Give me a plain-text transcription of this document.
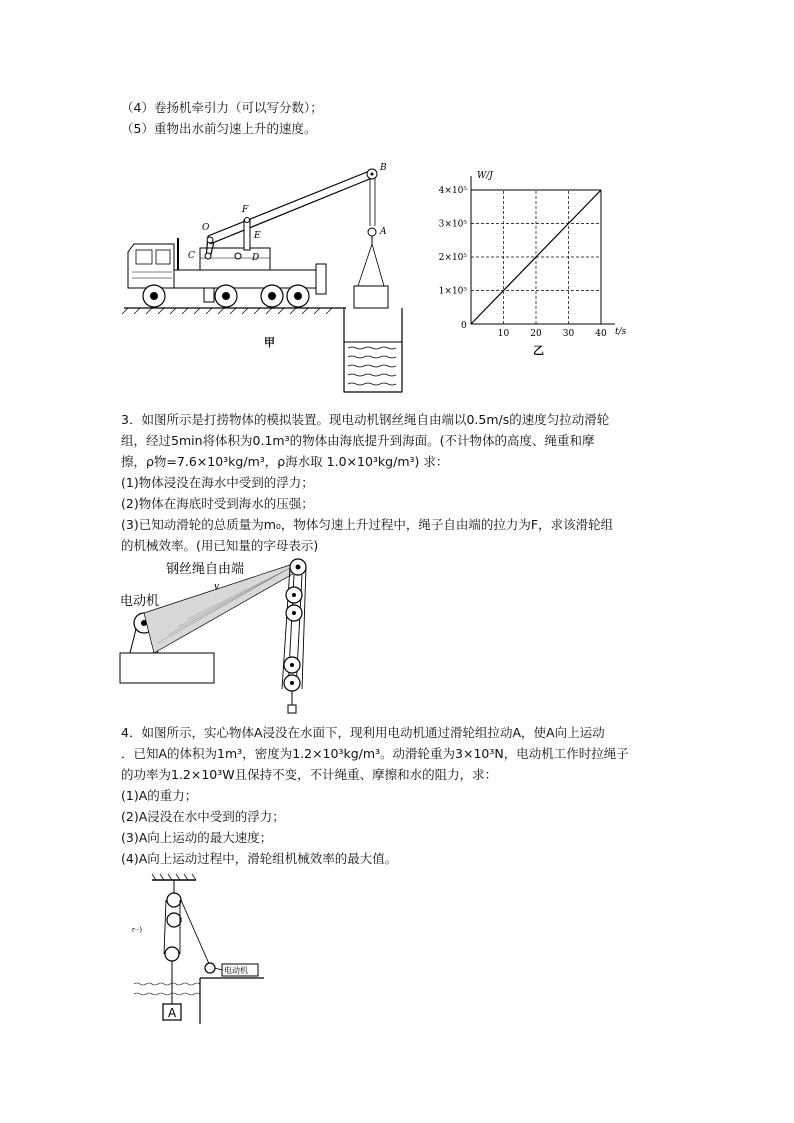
（4）卷扬机牵引力（可以写分数）；
（5）重物出水前匀速上升的速度。
B
A
F
O
E
C	D
甲
W/J
t/s
0
10 20 30 40
1×10⁵
2×10⁵
3×10⁵
4×10⁵
乙
3．如图所示是打捞物体的模拟装置。现电动机钢丝绳自由端以0.5m/s的速度匀拉动滑轮
组，经过5min将体积为0.1m³的物体由海底提升到海面。(不计物体的高度、绳重和摩
擦，ρ物=7.6×10³kg/m³，ρ海水取 1.0×10³kg/m³) 求：
(1)物体浸没在海水中受到的浮力；
(2)物体在海底时受到海水的压强；
(3)已知动滑轮的总质量为m₀，物体匀速上升过程中，绳子自由端的拉力为F，求该滑轮组
的机械效率。(用已知量的字母表示)
钢丝绳自由端
电动机
v
4．如图所示，实心物体A浸没在水面下，现利用电动机通过滑轮组拉动A，使A向上运动
．已知A的体积为1m³，密度为1.2×10³kg/m³。动滑轮重为3×10³N，电动机工作时拉绳子
的功率为1.2×10³W且保持不变，不计绳重、摩擦和水的阻力，求：
(1)A的重力；
(2)A浸没在水中受到的浮力；
(3)A向上运动的最大速度；
(4)A向上运动过程中，滑轮组机械效率的最大值。
r··)
电动机
A
